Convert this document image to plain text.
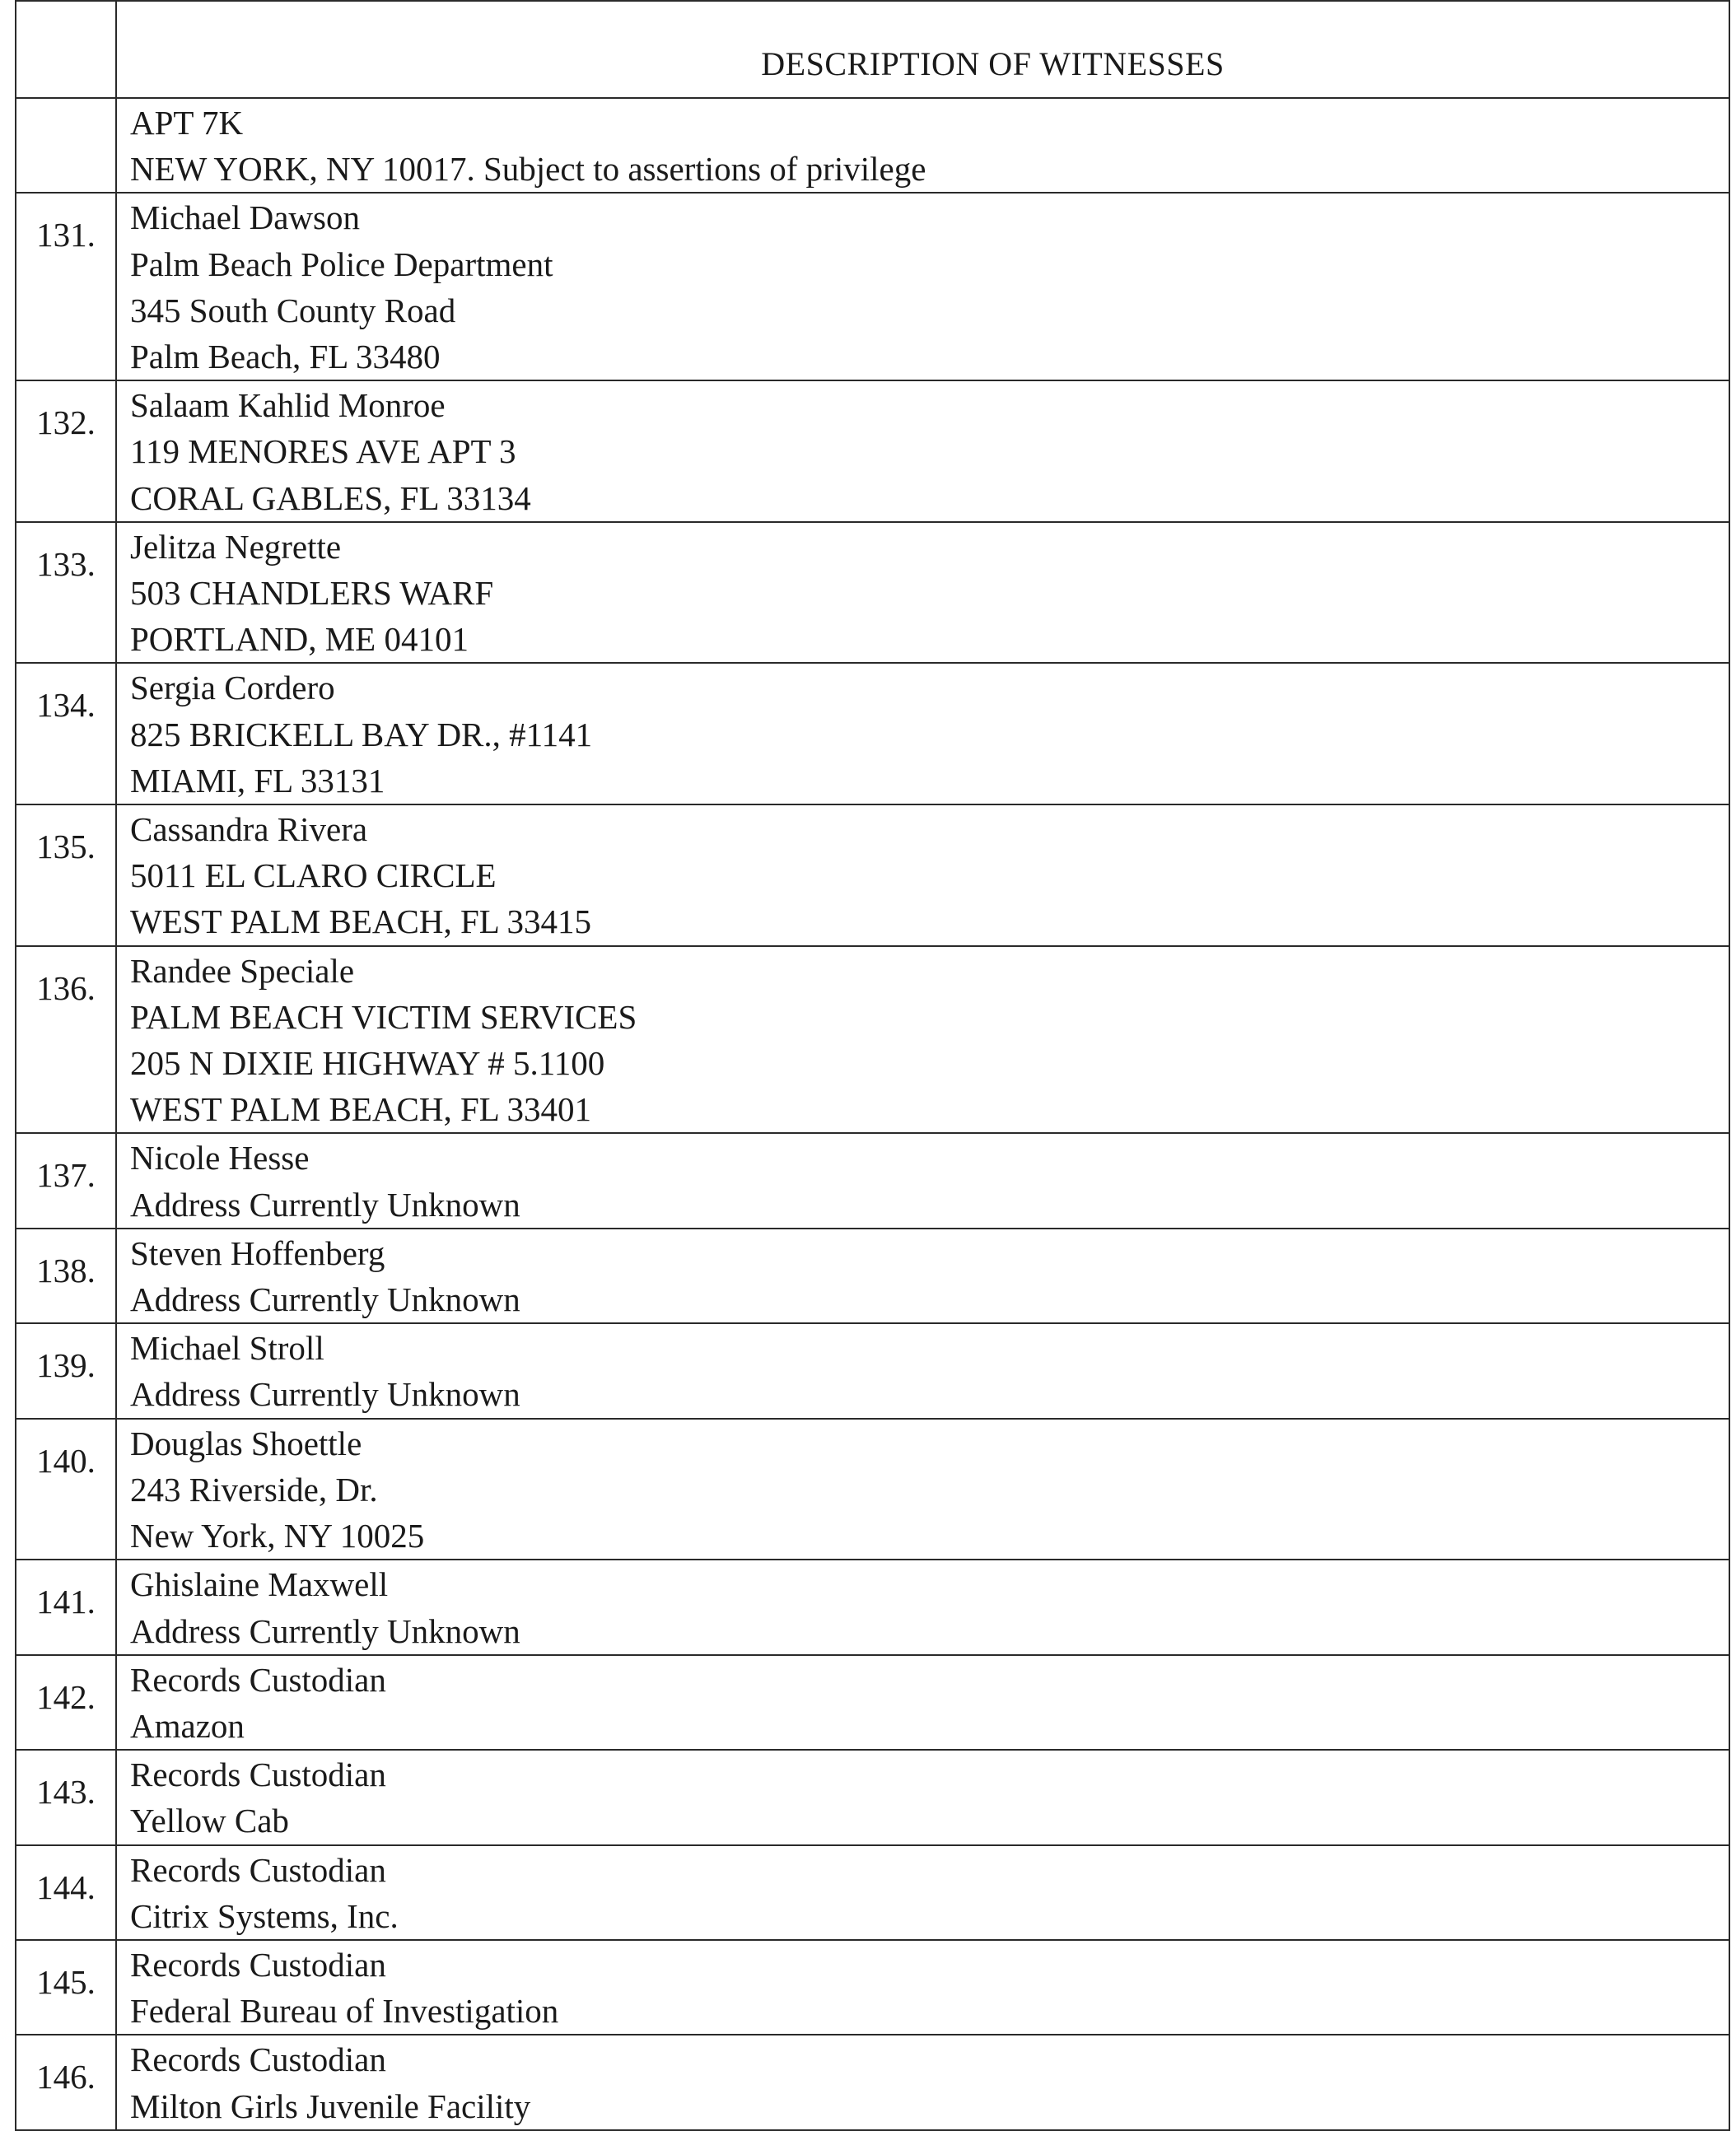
	DESCRIPTION OF WITNESSES

	APT 7K
NEW YORK, NY 10017. Subject to assertions of privilege

131.	Michael Dawson
Palm Beach Police Department
345 South County Road
Palm Beach, FL 33480

132.	Salaam Kahlid Monroe
119 MENORES AVE APT 3
CORAL GABLES, FL 33134

133.	Jelitza Negrette
503 CHANDLERS WARF
PORTLAND, ME 04101

134.	Sergia Cordero
825 BRICKELL BAY DR., #1141
MIAMI, FL 33131

135.	Cassandra Rivera
5011 EL CLARO CIRCLE
WEST PALM BEACH, FL 33415

136.	Randee Speciale
PALM BEACH VICTIM SERVICES
205 N DIXIE HIGHWAY # 5.1100
WEST PALM BEACH, FL 33401

137.	Nicole Hesse
Address Currently Unknown

138.	Steven Hoffenberg
Address Currently Unknown

139.	Michael Stroll
Address Currently Unknown

140.	Douglas Shoettle
243 Riverside, Dr.
New York, NY 10025

141.	Ghislaine Maxwell
Address Currently Unknown

142.	Records Custodian
Amazon

143.	Records Custodian
Yellow Cab

144.	Records Custodian
Citrix Systems, Inc.

145.	Records Custodian
Federal Bureau of Investigation

146.	Records Custodian
Milton Girls Juvenile Facility
